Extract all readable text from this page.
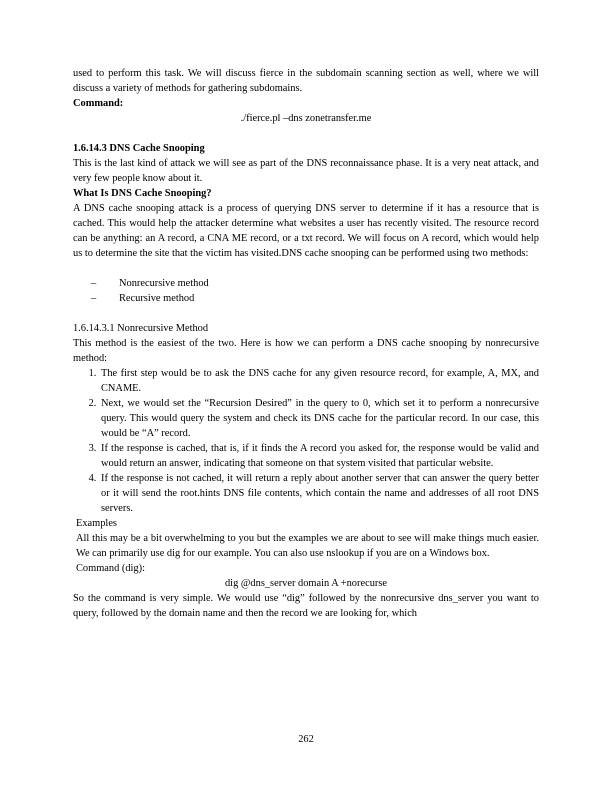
used to perform this task. We will discuss fierce in the subdomain scanning section as well, where we will discuss a variety of methods for gathering subdomains.

Command:

./fierce.pl –dns zonetransfer.me

1.6.14.3 DNS Cache Snooping

This is the last kind of attack we will see as part of the DNS reconnaissance phase. It is a very neat attack, and very few people know about it.

What Is DNS Cache Snooping?

A DNS cache snooping attack is a process of querying DNS server to determine if it has a resource that is cached. This would help the attacker determine what websites a user has recently visited. The resource record can be anything: an A record, a CNA ME record, or a txt record. We will focus on A record, which would help us to determine the site that the victim has visited.DNS cache snooping can be performed using two methods:

– Nonrecursive method
– Recursive method

1.6.14.3.1 Nonrecursive Method

This method is the easiest of the two. Here is how we can perform a DNS cache snooping by nonrecursive method:

1. The first step would be to ask the DNS cache for any given resource record, for example, A, MX, and CNAME.
2. Next, we would set the “Recursion Desired” in the query to 0, which set it to perform a nonrecursive query. This would query the system and check its DNS cache for the particular record. In our case, this would be “A” record.
3. If the response is cached, that is, if it finds the A record you asked for, the response would be valid and would return an answer, indicating that someone on that system visited that particular website.
4. If the response is not cached, it will return a reply about another server that can answer the query better or it will send the root.hints DNS file contents, which contain the name and addresses of all root DNS servers.

Examples

All this may be a bit overwhelming to you but the examples we are about to see will make things much easier. We can primarily use dig for our example. You can also use nslookup if you are on a Windows box.

Command (dig):

dig @dns_server domain A +norecurse

So the command is very simple. We would use “dig” followed by the nonrecursive dns_server you want to query, followed by the domain name and then the record we are looking for, which

262
